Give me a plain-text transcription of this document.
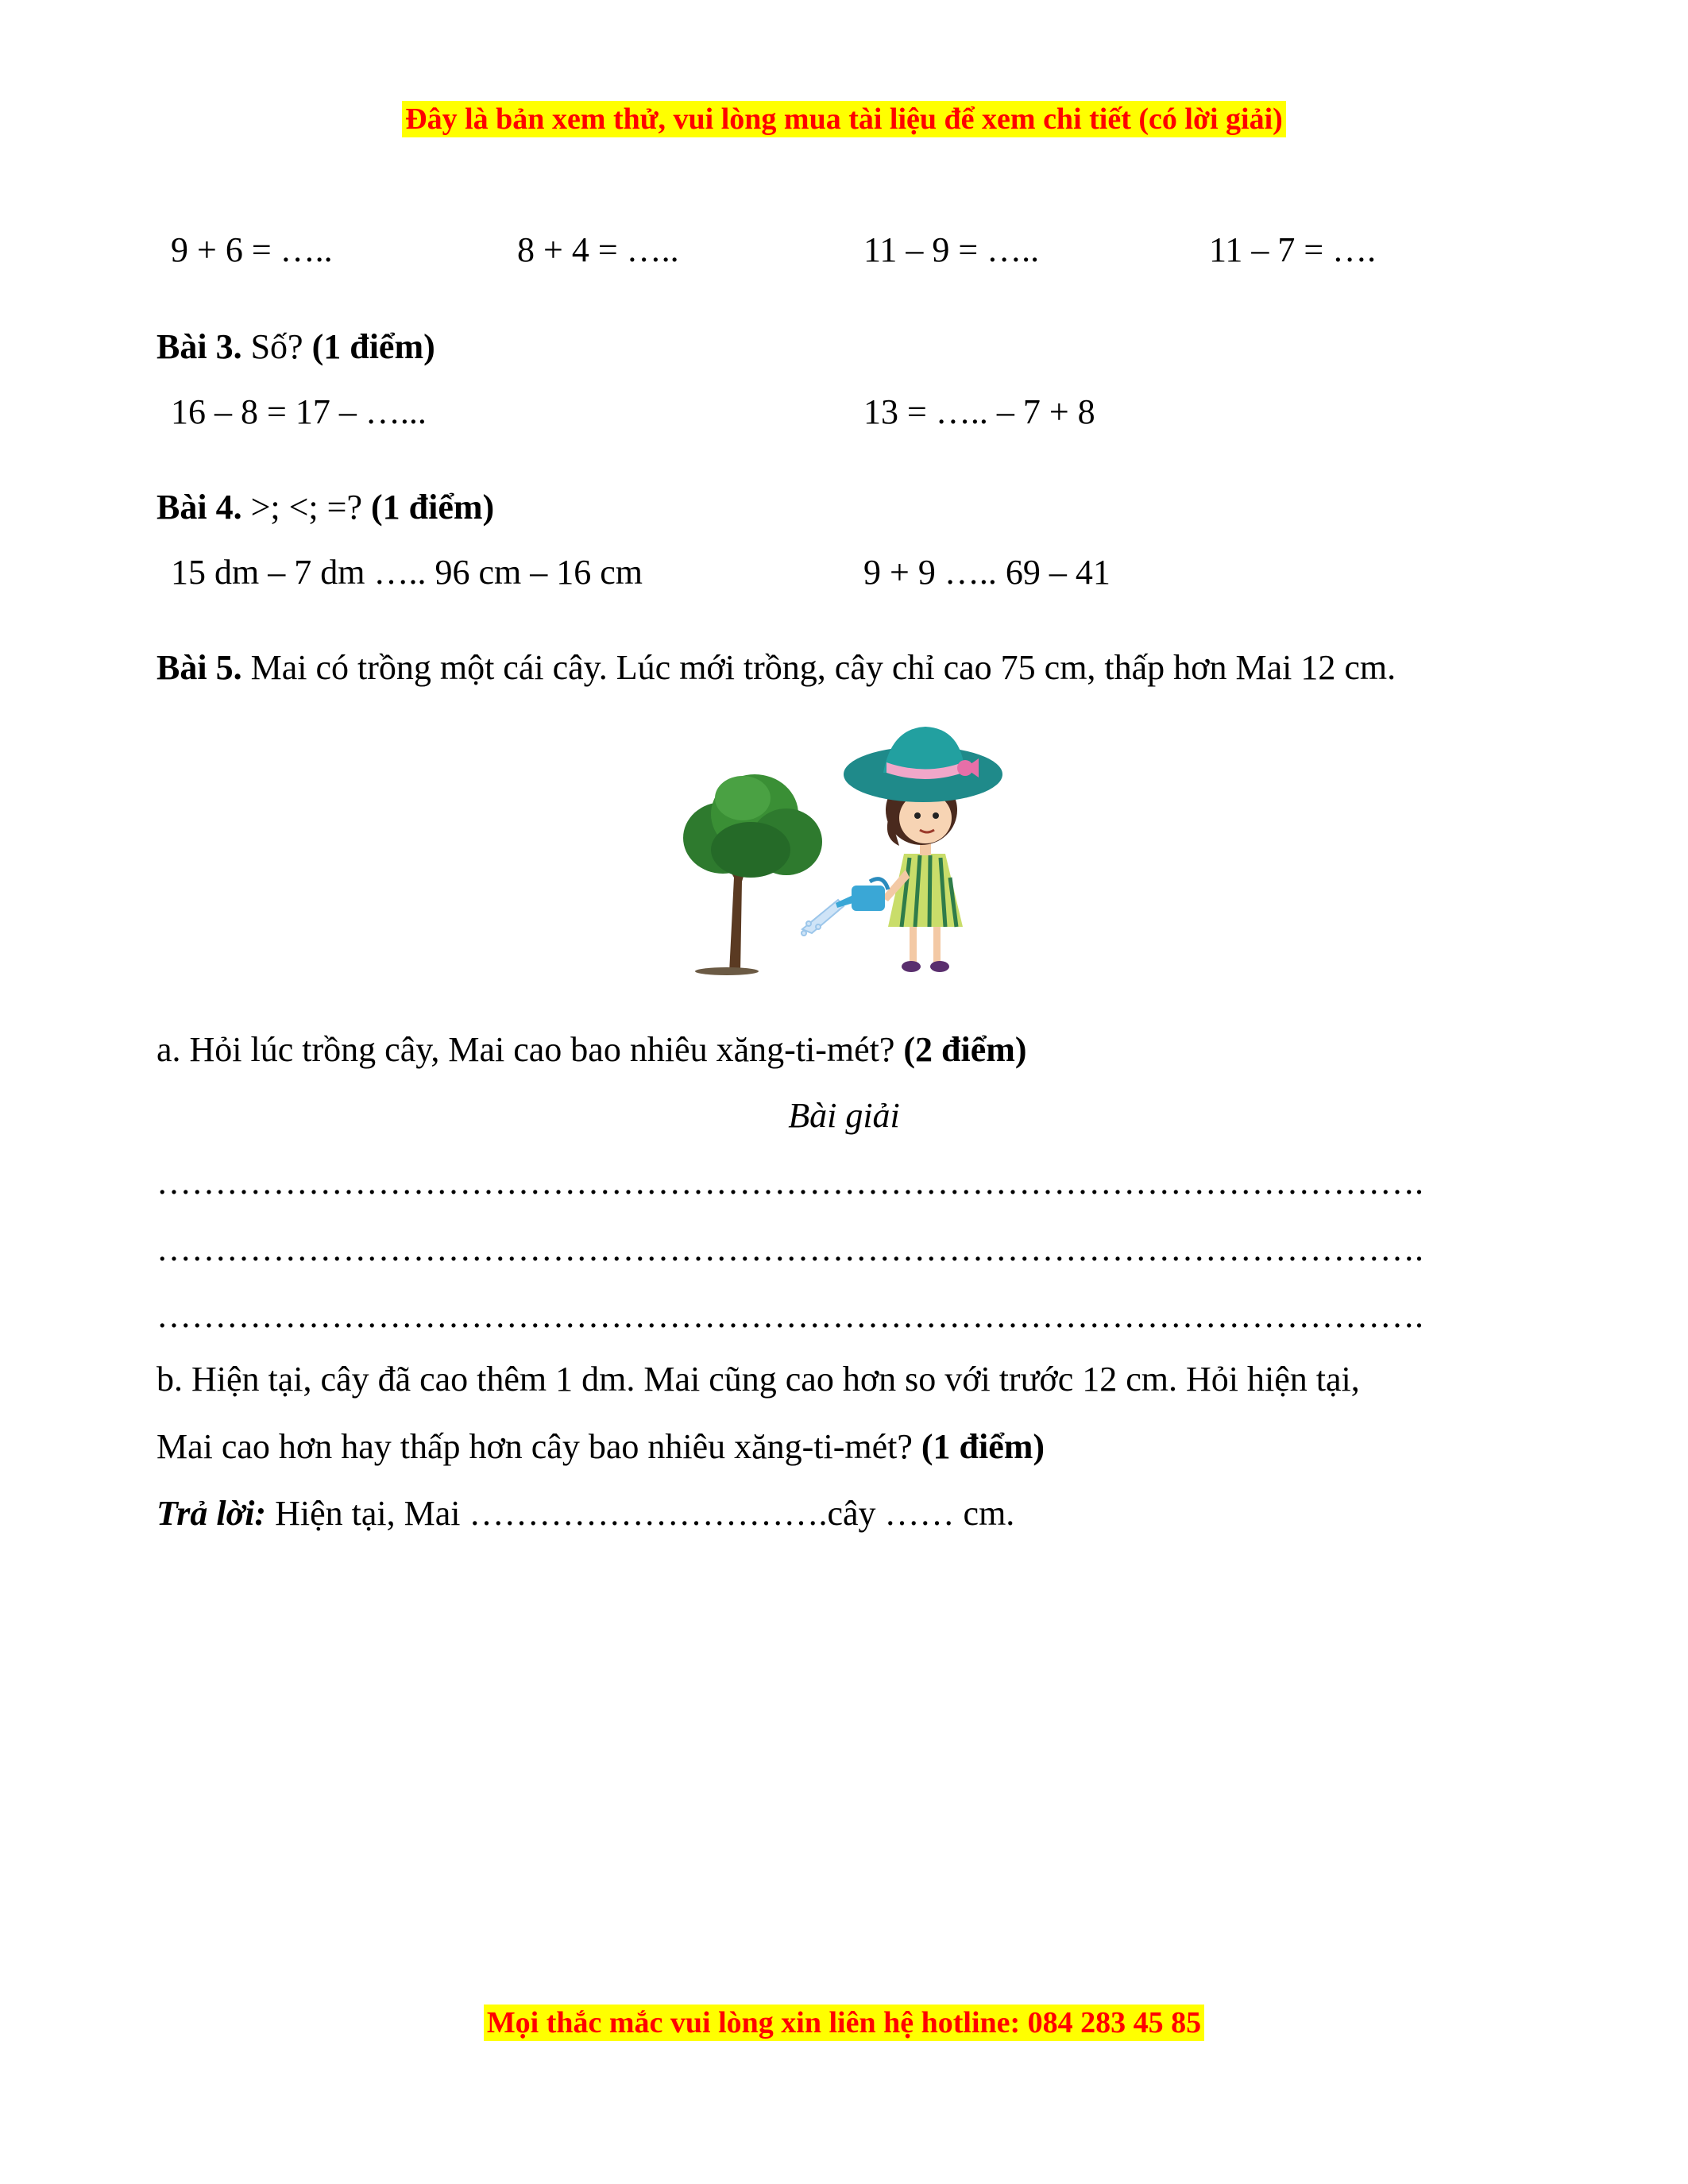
Đây là bản xem thử, vui lòng mua tài liệu để xem chi tiết (có lời giải)
9 + 6 = …..	8 + 4 = …..	11 – 9 = …..	11 – 7 = ….
Bài 3. Số? (1 điểm)
16 – 8 = 17 – …...	13 = ….. – 7 + 8
Bài 4. >; <; =? (1 điểm)
15 dm – 7 dm ….. 96 cm – 16 cm	9 + 9 ….. 69 – 41
Bài 5. Mai có trồng một cái cây. Lúc mới trồng, cây chỉ cao 75 cm, thấp hơn Mai 12 cm.
a. Hỏi lúc trồng cây, Mai cao bao nhiêu xăng-ti-mét? (2 điểm)
Bài giải
……………………………………………………………………………………………….
……………………………………………………………………………………………….
……………………………………………………………………………………………….
b. Hiện tại, cây đã cao thêm 1 dm. Mai cũng cao hơn so với trước 12 cm. Hỏi hiện tại,
Mai cao hơn hay thấp hơn cây bao nhiêu xăng-ti-mét? (1 điểm)
Trả lời: Hiện tại, Mai ………………………….cây …… cm.
Mọi thắc mắc vui lòng xin liên hệ hotline: 084 283 45 85
